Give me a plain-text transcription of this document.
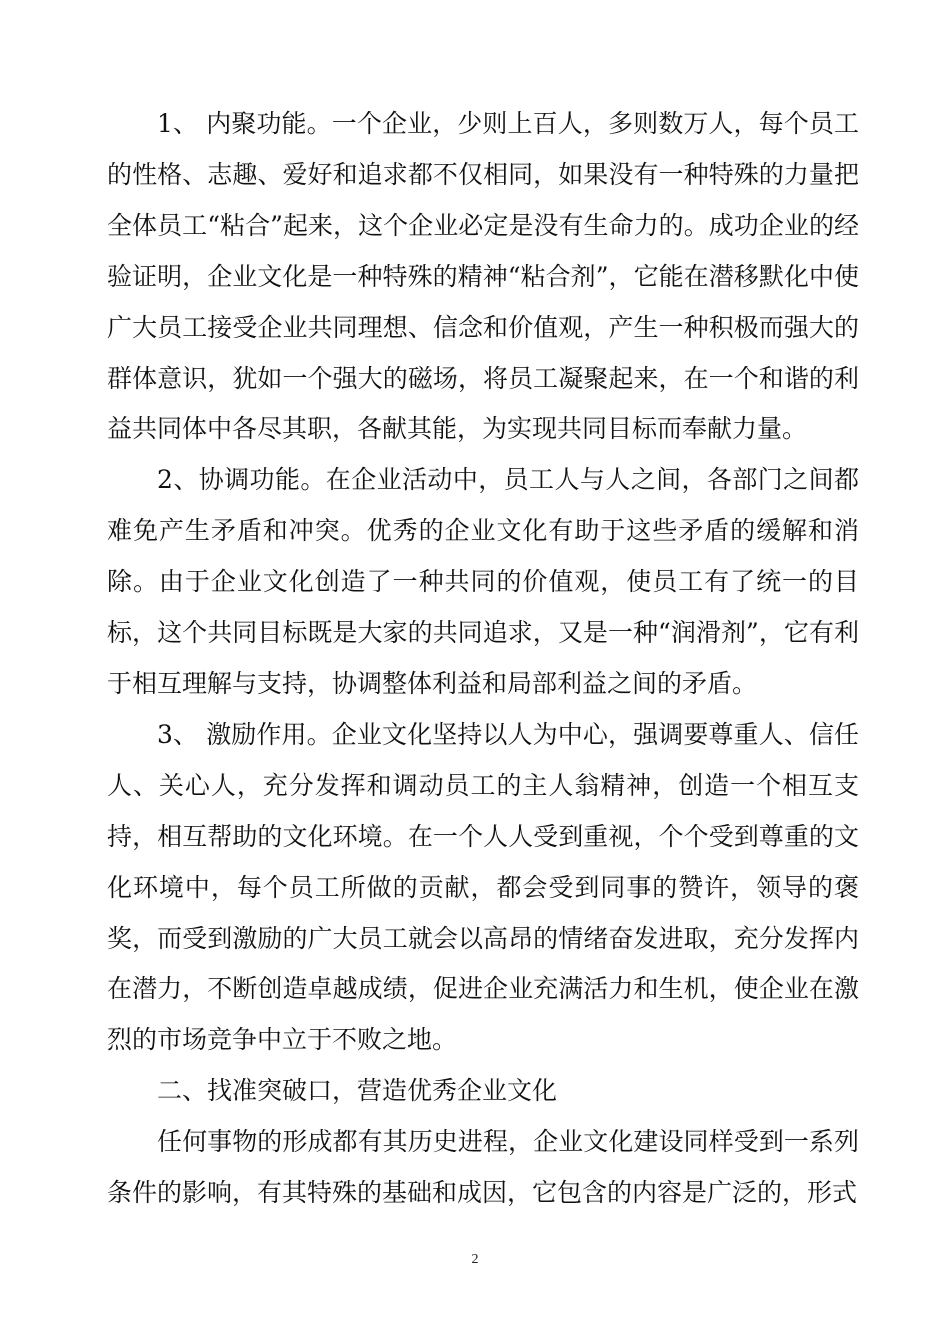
1、 内聚功能。一个企业，少则上百人，多则数万人，每个员工的性格、志趣、爱好和追求都不仅相同，如果没有一种特殊的力量把全体员工“粘合”起来，这个企业必定是没有生命力的。成功企业的经验证明，企业文化是一种特殊的精神“粘合剂”，它能在潜移默化中使广大员工接受企业共同理想、信念和价值观，产生一种积极而强大的群体意识，犹如一个强大的磁场，将员工凝聚起来，在一个和谐的利益共同体中各尽其职，各献其能，为实现共同目标而奉献力量。

2、协调功能。在企业活动中，员工人与人之间，各部门之间都难免产生矛盾和冲突。优秀的企业文化有助于这些矛盾的缓解和消除。由于企业文化创造了一种共同的价值观，使员工有了统一的目标，这个共同目标既是大家的共同追求，又是一种“润滑剂”，它有利于相互理解与支持，协调整体利益和局部利益之间的矛盾。

3、 激励作用。企业文化坚持以人为中心，强调要尊重人、信任人、关心人，充分发挥和调动员工的主人翁精神，创造一个相互支持，相互帮助的文化环境。在一个人人受到重视，个个受到尊重的文化环境中，每个员工所做的贡献，都会受到同事的赞许，领导的褒奖，而受到激励的广大员工就会以高昂的情绪奋发进取，充分发挥内在潜力，不断创造卓越成绩，促进企业充满活力和生机，使企业在激烈的市场竞争中立于不败之地。

二、找准突破口，营造优秀企业文化

任何事物的形成都有其历史进程，企业文化建设同样受到一系列条件的影响，有其特殊的基础和成因，它包含的内容是广泛的，形式

2
